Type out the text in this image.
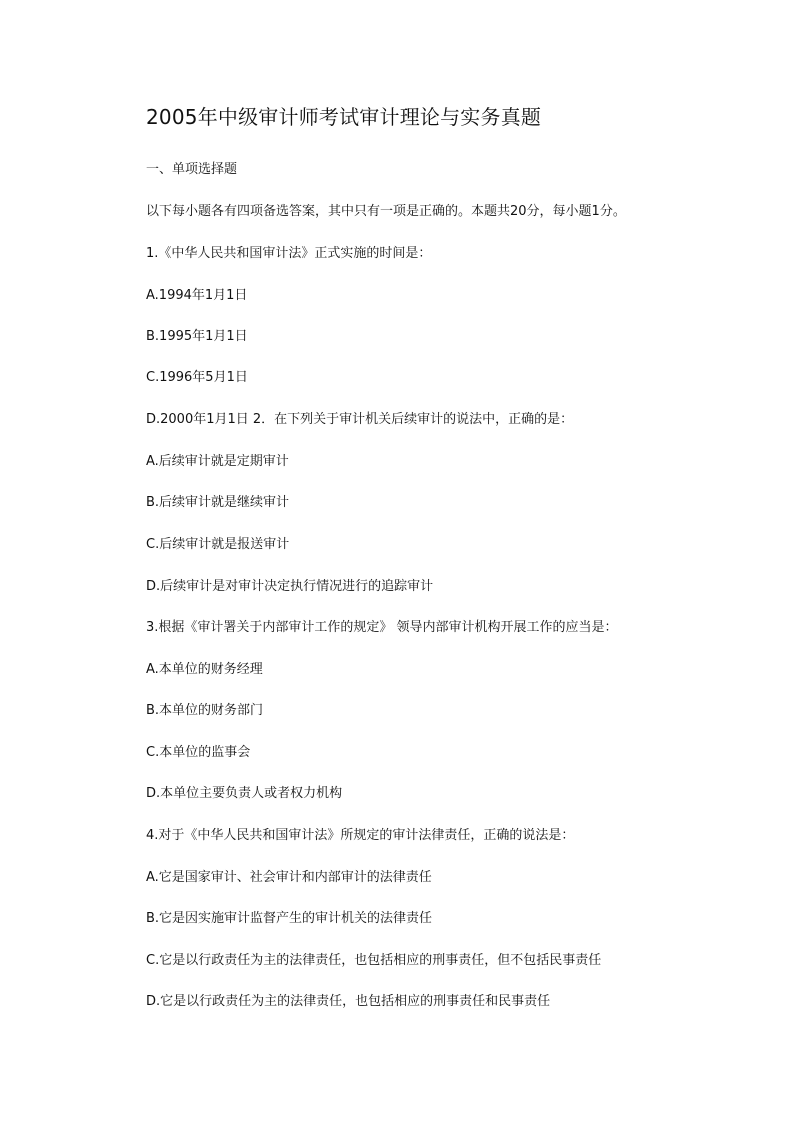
2005年中级审计师考试审计理论与实务真题
一、单项选择题
以下每小题各有四项备选答案，其中只有一项是正确的。本题共20分，每小题1分。
1.《中华人民共和国审计法》正式实施的时间是：
A.1994年1月1日
B.1995年1月1日
C.1996年5月1日
D.2000年1月1日 2．在下列关于审计机关后续审计的说法中，正确的是：
A.后续审计就是定期审计
B.后续审计就是继续审计
C.后续审计就是报送审计
D.后续审计是对审计决定执行情况进行的追踪审计
3.根据《审计署关于内部审计工作的规定》 领导内部审计机构开展工作的应当是：
A.本单位的财务经理
B.本单位的财务部门
C.本单位的监事会
D.本单位主要负责人或者权力机构
4.对于《中华人民共和国审计法》所规定的审计法律责任，正确的说法是：
A.它是国家审计、社会审计和内部审计的法律责任
B.它是因实施审计监督产生的审计机关的法律责任
C.它是以行政责任为主的法律责任，也包括相应的刑事责任，但不包括民事责任
D.它是以行政责任为主的法律责任，也包括相应的刑事责任和民事责任
